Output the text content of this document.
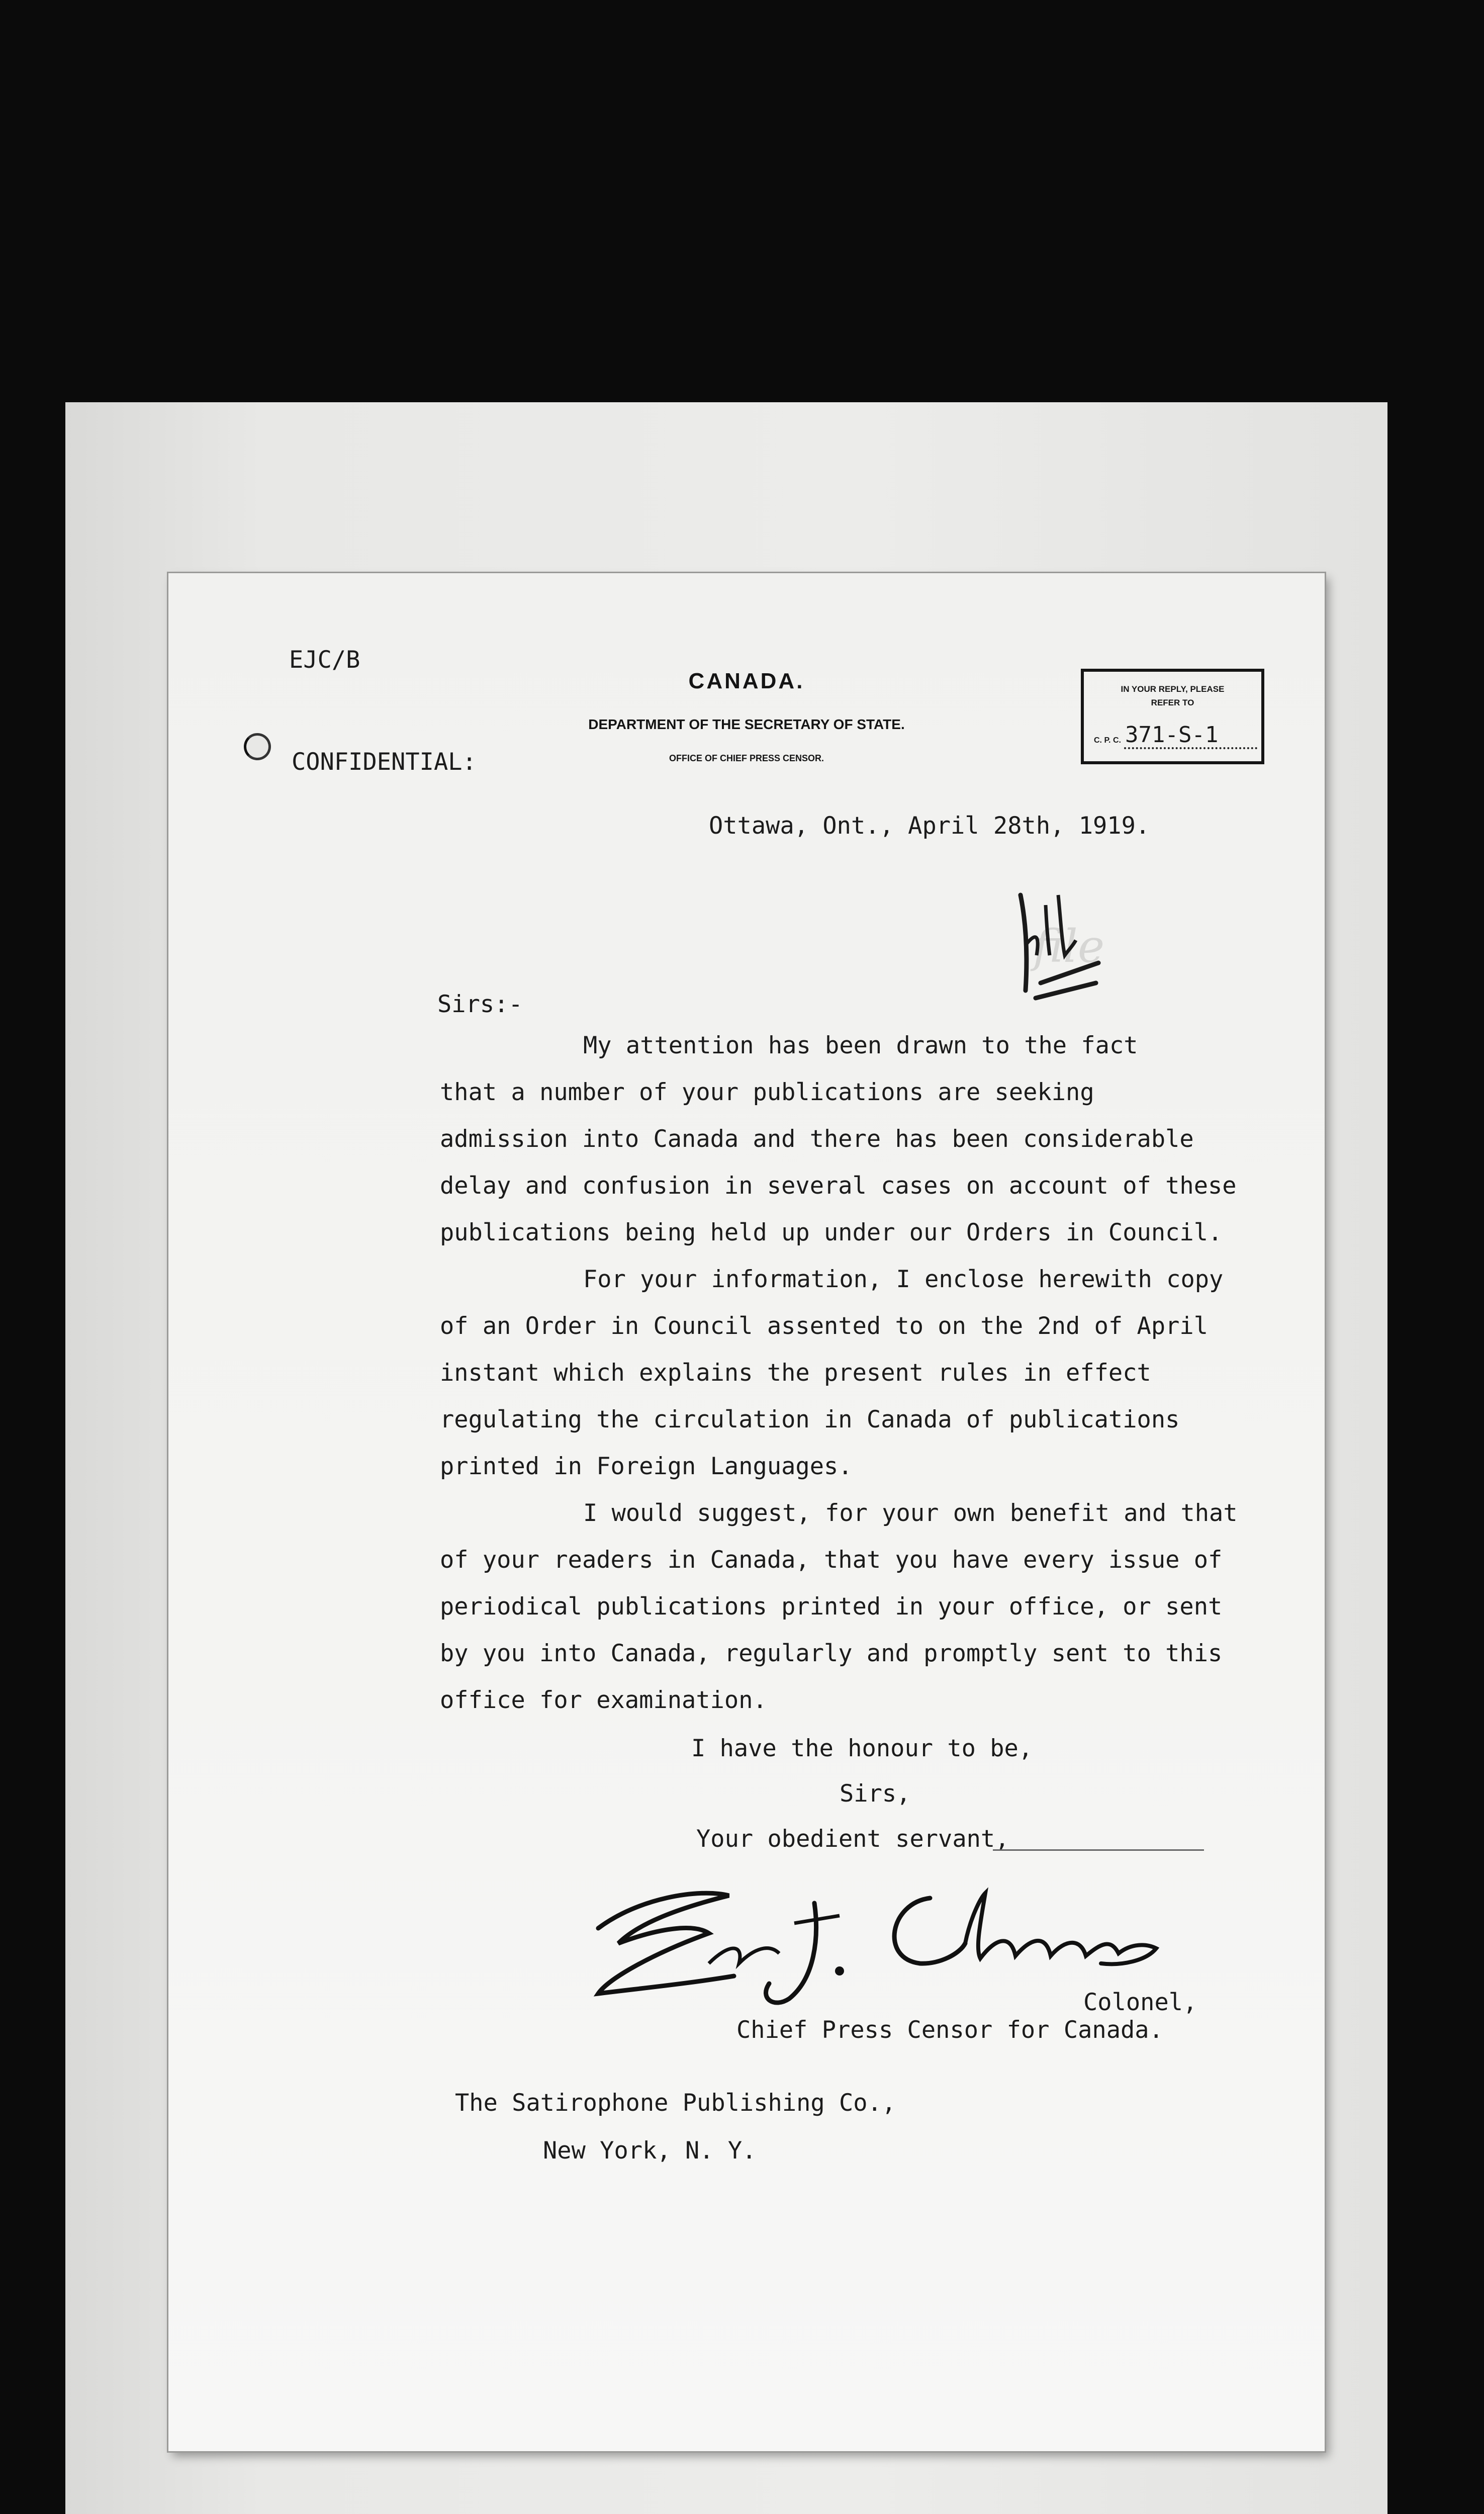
EJC/B
CANADA.
DEPARTMENT OF THE SECRETARY OF STATE.
OFFICE OF CHIEF PRESS CENSOR.
CONFIDENTIAL:
IN YOUR REPLY, PLEASE
REFER TO
C. P. C. 371-S-1
Ottawa, Ont., April 28th, 1919.
file
Sirs:-
My attention has been drawn to the fact
that a number of your publications are seeking
admission into Canada and there has been considerable
delay and confusion in several cases on account of these
publications being held up under our Orders in Council.
For your information, I enclose herewith copy
of an Order in Council assented to on the 2nd of April
instant which explains the present rules in effect
regulating the circulation in Canada of publications
printed in Foreign Languages.
I would suggest, for your own benefit and that
of your readers in Canada, that you have every issue of
periodical publications printed in your office, or sent
by you into Canada, regularly and promptly sent to this
office for examination.
I have the honour to be,
Sirs,
Your obedient servant,
Colonel,
Chief Press Censor for Canada.
The Satirophone Publishing Co.,
New York, N. Y.
